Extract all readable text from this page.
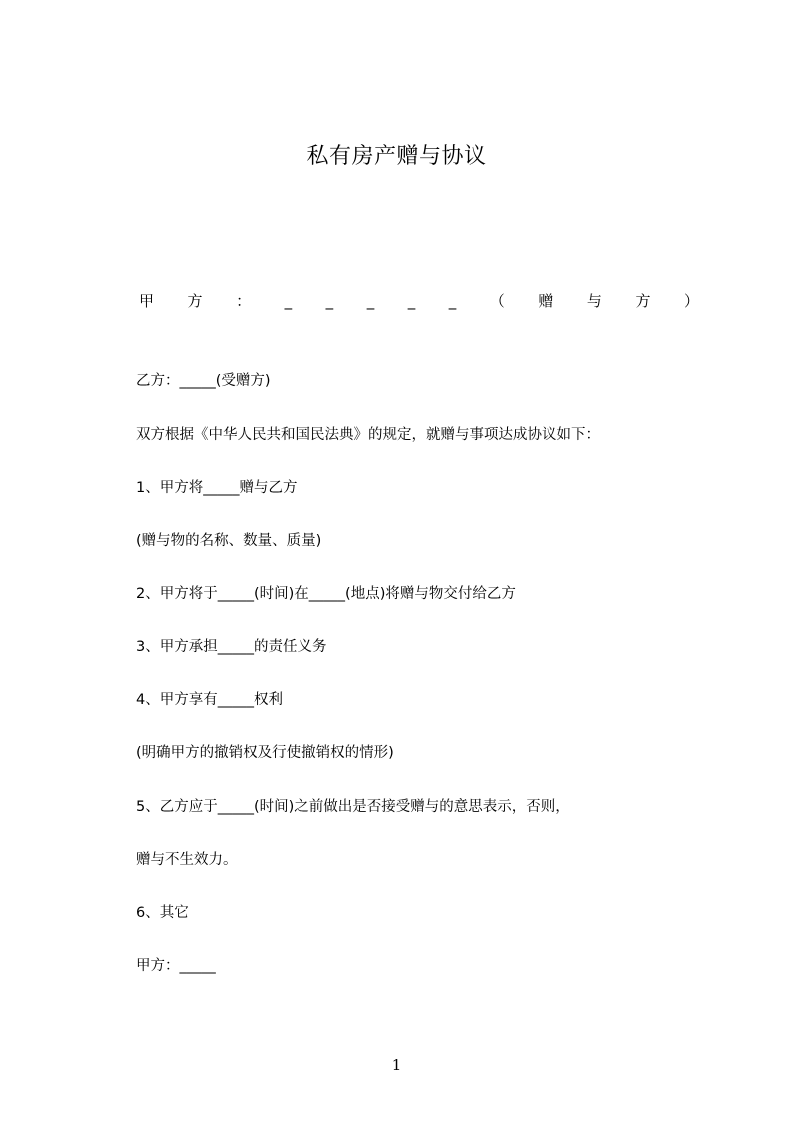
私有房产赠与协议
甲 方 ： _ _ _ _ _ （ 赠 与 方 ）
乙方：_____(受赠方)
双方根据《中华人民共和国民法典》的规定，就赠与事项达成协议如下：
1、甲方将_____赠与乙方
(赠与物的名称、数量、质量)
2、甲方将于_____(时间)在_____(地点)将赠与物交付给乙方
3、甲方承担_____的责任义务
4、甲方享有_____权利
(明确甲方的撤销权及行使撤销权的情形)
5、乙方应于_____(时间)之前做出是否接受赠与的意思表示，否则，
赠与不生效力。
6、其它
甲方：_____
1
